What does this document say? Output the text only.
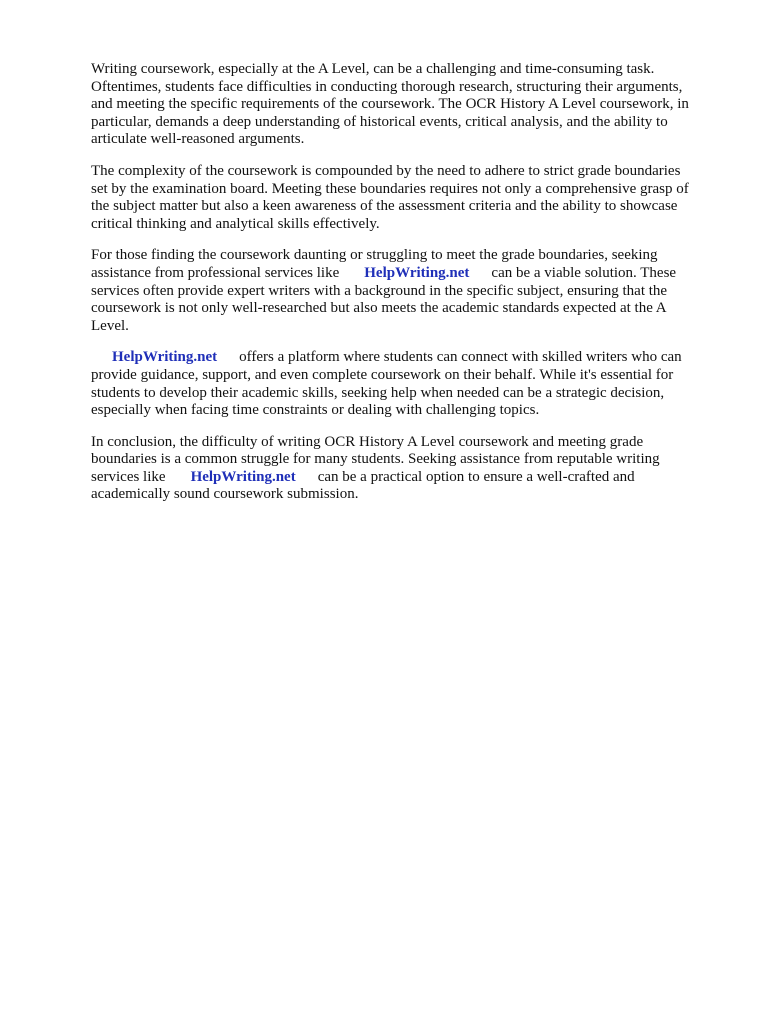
Writing coursework, especially at the A Level, can be a challenging and time-consuming task.
Oftentimes, students face difficulties in conducting thorough research, structuring their arguments,
and meeting the specific requirements of the coursework. The OCR History A Level coursework, in
particular, demands a deep understanding of historical events, critical analysis, and the ability to
articulate well-reasoned arguments.
The complexity of the coursework is compounded by the need to adhere to strict grade boundaries
set by the examination board. Meeting these boundaries requires not only a comprehensive grasp of
the subject matter but also a keen awareness of the assessment criteria and the ability to showcase
critical thinking and analytical skills effectively.
For those finding the coursework daunting or struggling to meet the grade boundaries, seeking
assistance from professional services like HelpWriting.net can be a viable solution. These
services often provide expert writers with a background in the specific subject, ensuring that the
coursework is not only well-researched but also meets the academic standards expected at the A
Level.
HelpWriting.net offers a platform where students can connect with skilled writers who can
provide guidance, support, and even complete coursework on their behalf. While it's essential for
students to develop their academic skills, seeking help when needed can be a strategic decision,
especially when facing time constraints or dealing with challenging topics.
In conclusion, the difficulty of writing OCR History A Level coursework and meeting grade
boundaries is a common struggle for many students. Seeking assistance from reputable writing
services like HelpWriting.net can be a practical option to ensure a well-crafted and
academically sound coursework submission.
